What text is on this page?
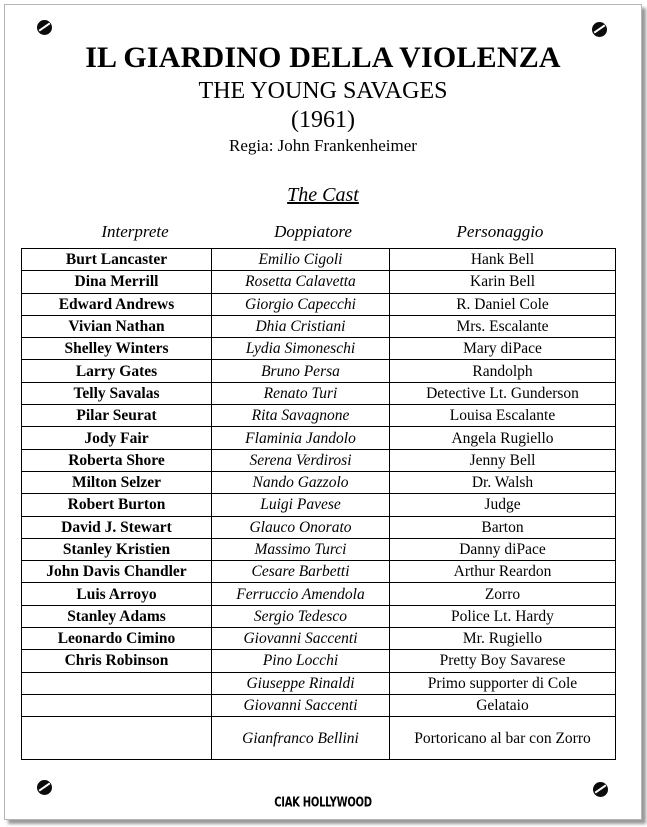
IL GIARDINO DELLA VIOLENZA
THE YOUNG SAVAGES
(1961)
Regia: John Frankenheimer
The Cast
Interprete	Doppiatore	Personaggio
Burt Lancaster	Emilio Cigoli	Hank Bell
Dina Merrill	Rosetta Calavetta	Karin Bell
Edward Andrews	Giorgio Capecchi	R. Daniel Cole
Vivian Nathan	Dhia Cristiani	Mrs. Escalante
Shelley Winters	Lydia Simoneschi	Mary diPace
Larry Gates	Bruno Persa	Randolph
Telly Savalas	Renato Turi	Detective Lt. Gunderson
Pilar Seurat	Rita Savagnone	Louisa Escalante
Jody Fair	Flaminia Jandolo	Angela Rugiello
Roberta Shore	Serena Verdirosi	Jenny Bell
Milton Selzer	Nando Gazzolo	Dr. Walsh
Robert Burton	Luigi Pavese	Judge
David J. Stewart	Glauco Onorato	Barton
Stanley Kristien	Massimo Turci	Danny diPace
John Davis Chandler	Cesare Barbetti	Arthur Reardon
Luis Arroyo	Ferruccio Amendola	Zorro
Stanley Adams	Sergio Tedesco	Police Lt. Hardy
Leonardo Cimino	Giovanni Saccenti	Mr. Rugiello
Chris Robinson	Pino Locchi	Pretty Boy Savarese
	Giuseppe Rinaldi	Primo supporter di Cole
	Giovanni Saccenti	Gelataio
	Gianfranco Bellini	Portoricano al bar con Zorro
CIAK HOLLYWOOD
